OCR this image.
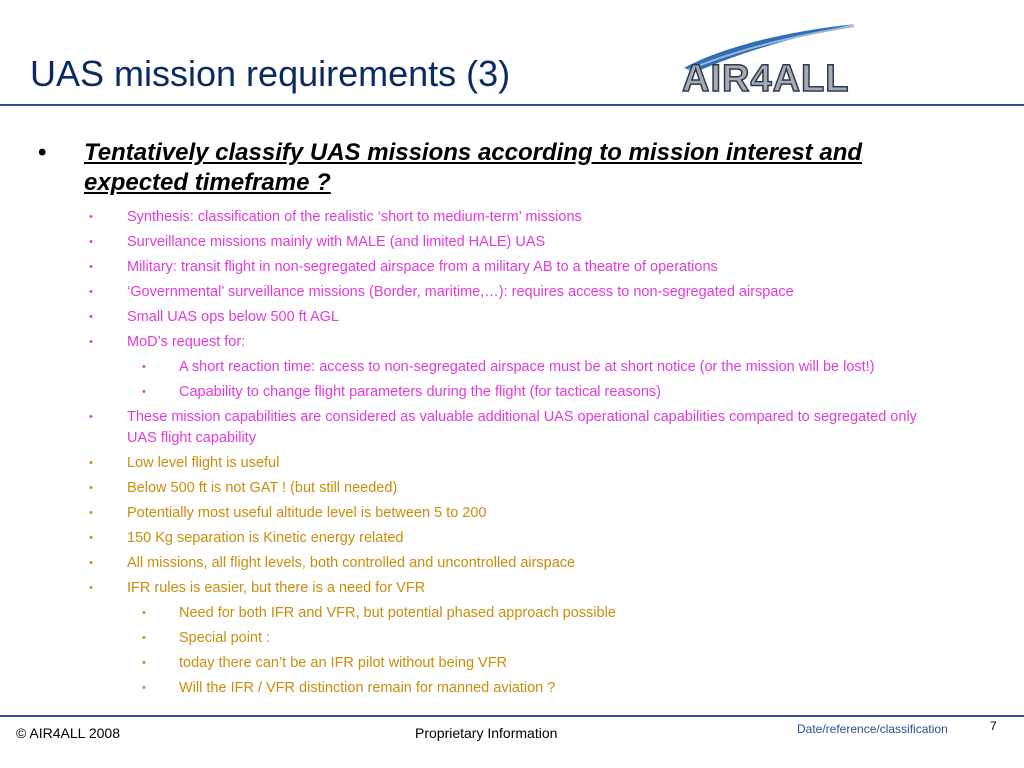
UAS mission requirements (3)	AIR4ALL
• Tentatively classify UAS missions according to mission interest and expected timeframe ?
• Synthesis: classification of the realistic ‘short to medium-term’ missions
• Surveillance missions mainly with MALE (and limited HALE) UAS
• Military: transit flight in non-segregated airspace from a military AB to a theatre of operations
• ‘Governmental’ surveillance missions (Border, maritime,…): requires access to non-segregated airspace
• Small UAS ops below 500 ft AGL
• MoD’s request for:
• A short reaction time: access to non-segregated airspace must be at short notice (or the mission will be lost!)
• Capability to change flight parameters during the flight (for tactical reasons)
• These mission capabilities are considered as valuable additional UAS operational capabilities compared to segregated only UAS flight capability
• Low level flight is useful
• Below 500 ft is not GAT ! (but still needed)
• Potentially most useful altitude level is between 5 to 200
• 150 Kg separation is Kinetic energy related
• All missions, all flight levels, both controlled and uncontrolled airspace
• IFR rules is easier, but there is a need for VFR
• Need for both IFR and VFR, but potential phased approach possible
• Special point :
• today there can’t be an IFR pilot without being VFR
• Will the IFR / VFR distinction remain for manned aviation ?
© AIR4ALL 2008	Proprietary Information	Date/reference/classification	7
